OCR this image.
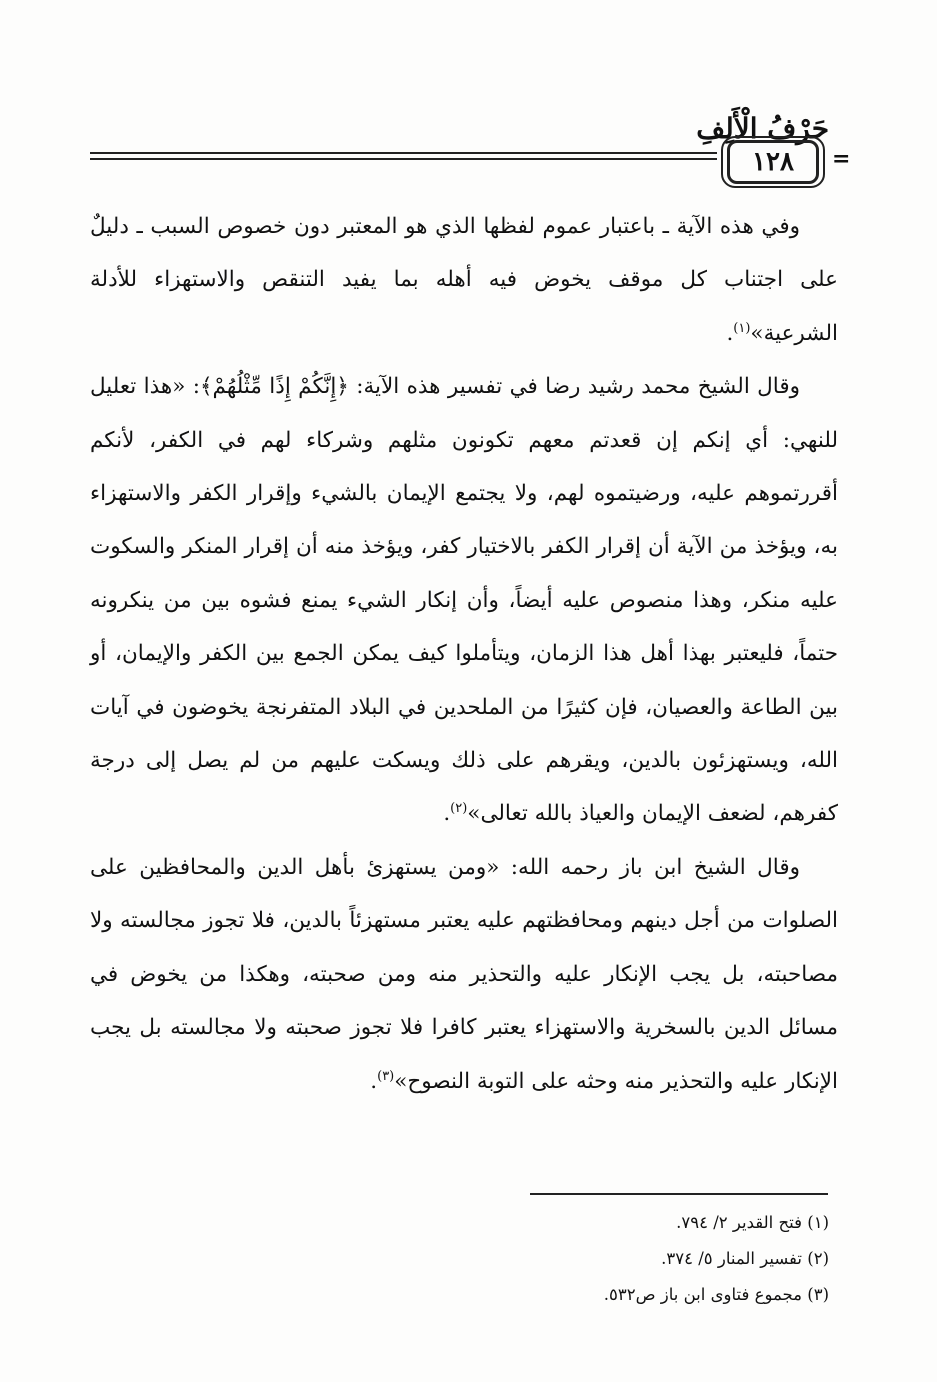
حَرْفُ الْأَلِفِ
١٢٨	=

وفي هذه الآية ـ باعتبار عموم لفظها الذي هو المعتبر دون خصوص السبب ـ دليلٌ على اجتناب كل موقف يخوض فيه أهله بما يفيد التنقص والاستهزاء للأدلة الشرعية»$^{(١)}$.

وقال الشيخ محمد رشيد رضا في تفسير هذه الآية: ﴿إِنَّكُمْ إِذًا مِّثْلُهُمْ﴾: «هذا تعليل للنهي: أي إنكم إن قعدتم معهم تكونون مثلهم وشركاء لهم في الكفر، لأنكم أقررتموهم عليه، ورضيتموه لهم، ولا يجتمع الإيمان بالشيء وإقرار الكفر والاستهزاء به، ويؤخذ من الآية أن إقرار الكفر بالاختيار كفر، ويؤخذ منه أن إقرار المنكر والسكوت عليه منكر، وهذا منصوص عليه أيضاً، وأن إنكار الشيء يمنع فشوه بين من ينكرونه حتماً، فليعتبر بهذا أهل هذا الزمان، ويتأملوا كيف يمكن الجمع بين الكفر والإيمان، أو بين الطاعة والعصيان، فإن كثيرًا من الملحدين في البلاد المتفرنجة يخوضون في آيات الله، ويستهزئون بالدين، ويقرهم على ذلك ويسكت عليهم من لم يصل إلى درجة كفرهم، لضعف الإيمان والعياذ بالله تعالى»$^{(٢)}$.

وقال الشيخ ابن باز رحمه الله: «ومن يستهزئ بأهل الدين والمحافظين على الصلوات من أجل دينهم ومحافظتهم عليه يعتبر مستهزئاً بالدين، فلا تجوز مجالسته ولا مصاحبته، بل يجب الإنكار عليه والتحذير منه ومن صحبته، وهكذا من يخوض في مسائل الدين بالسخرية والاستهزاء يعتبر كافرا فلا تجوز صحبته ولا مجالسته بل يجب الإنكار عليه والتحذير منه وحثه على التوبة النصوح»$^{(٣)}$.

(١) فتح القدير ٢/ ٧٩٤.
(٢) تفسير المنار ٥/ ٣٧٤.
(٣) مجموع فتاوى ابن باز ص٥٣٢.
